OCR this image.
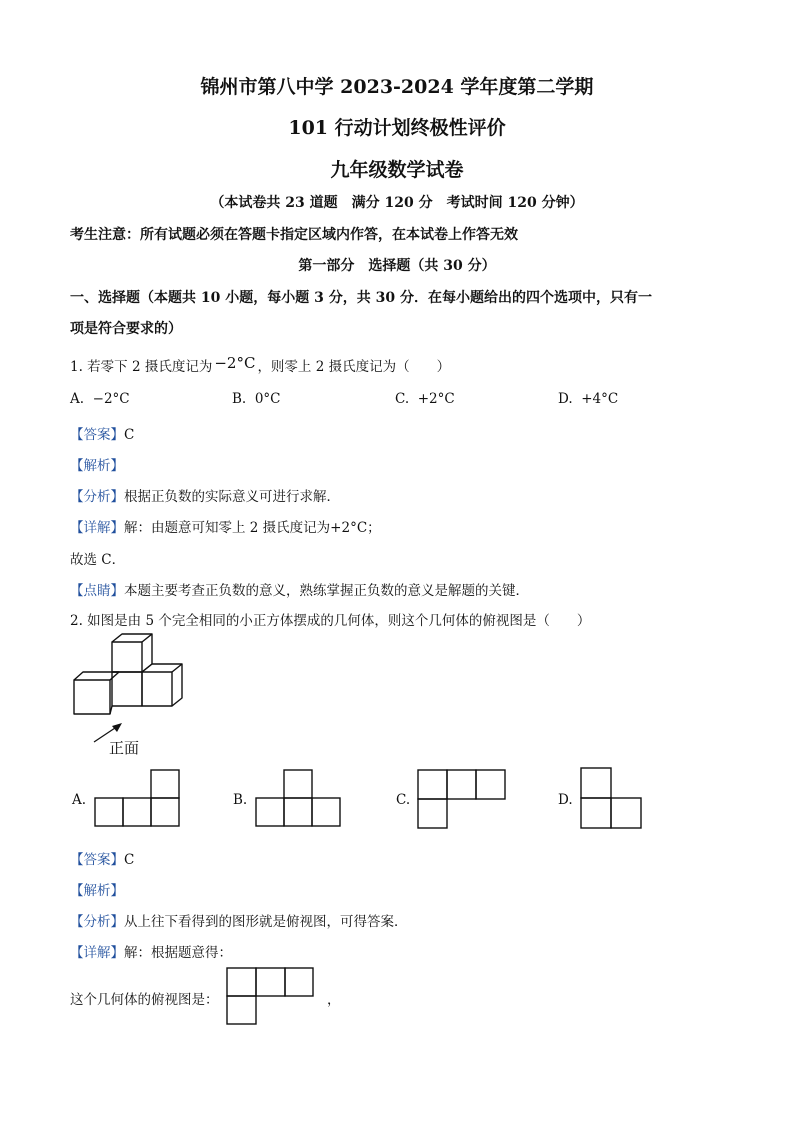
锦州市第八中学 2023-2024 学年度第二学期
101 行动计划终极性评价
九年级数学试卷
（本试卷共 23 道题　满分 120 分　考试时间 120 分钟）
考生注意：所有试题必须在答题卡指定区域内作答，在本试卷上作答无效
第一部分　选择题（共 30 分）
一、选择题（本题共 10 小题，每小题 3 分，共 30 分．在每小题给出的四个选项中，只有一
项是符合要求的）
1. 若零下 2 摄氏度记为 −2°C ，则零上 2 摄氏度记为（　　）
A. −2°C	B. 0°C	C. +2°C	D. +4°C
【答案】C
【解析】
【分析】根据正负数的实际意义可进行求解．
【详解】解：由题意可知零上 2 摄氏度记为+2°C；
故选 C．
【点睛】本题主要考查正负数的意义，熟练掌握正负数的意义是解题的关键．
2. 如图是由 5 个完全相同的小正方体摆成的几何体，则这个几何体的俯视图是（　　）
正面
A.	B.	C.	D.
【答案】C
【解析】
【分析】从上往下看得到的图形就是俯视图，可得答案．
【详解】解：根据题意得：
这个几何体的俯视图是：	，
